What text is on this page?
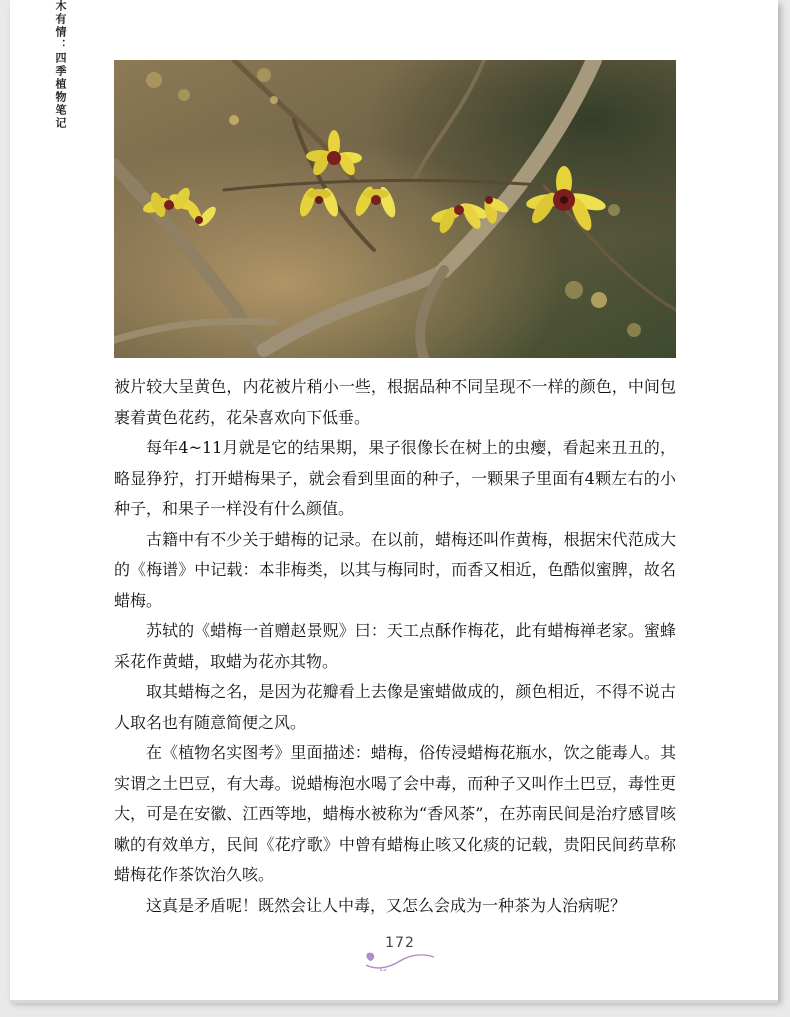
木有情：四季植物笔记

被片较大呈黄色，内花被片稍小一些，根据品种不同呈现不一样的颜色，中间包裹着黄色花药，花朵喜欢向下低垂。

每年4~11月就是它的结果期，果子很像长在树上的虫瘿，看起来丑丑的，略显狰狞，打开蜡梅果子，就会看到里面的种子，一颗果子里面有4颗左右的小种子，和果子一样没有什么颜值。

古籍中有不少关于蜡梅的记录。在以前，蜡梅还叫作黄梅，根据宋代范成大的《梅谱》中记载：本非梅类，以其与梅同时，而香又相近，色酷似蜜脾，故名蜡梅。

苏轼的《蜡梅一首赠赵景贶》曰：天工点酥作梅花，此有蜡梅禅老家。蜜蜂采花作黄蜡，取蜡为花亦其物。

取其蜡梅之名，是因为花瓣看上去像是蜜蜡做成的，颜色相近，不得不说古人取名也有随意简便之风。

在《植物名实图考》里面描述：蜡梅，俗传浸蜡梅花瓶水，饮之能毒人。其实谓之土巴豆，有大毒。说蜡梅泡水喝了会中毒，而种子又叫作土巴豆，毒性更大，可是在安徽、江西等地，蜡梅水被称为“香风茶”，在苏南民间是治疗感冒咳嗽的有效单方，民间《花疗歌》中曾有蜡梅止咳又化痰的记载，贵阳民间药草称蜡梅花作茶饮治久咳。

这真是矛盾呢！既然会让人中毒，又怎么会成为一种茶为人治病呢？

172
